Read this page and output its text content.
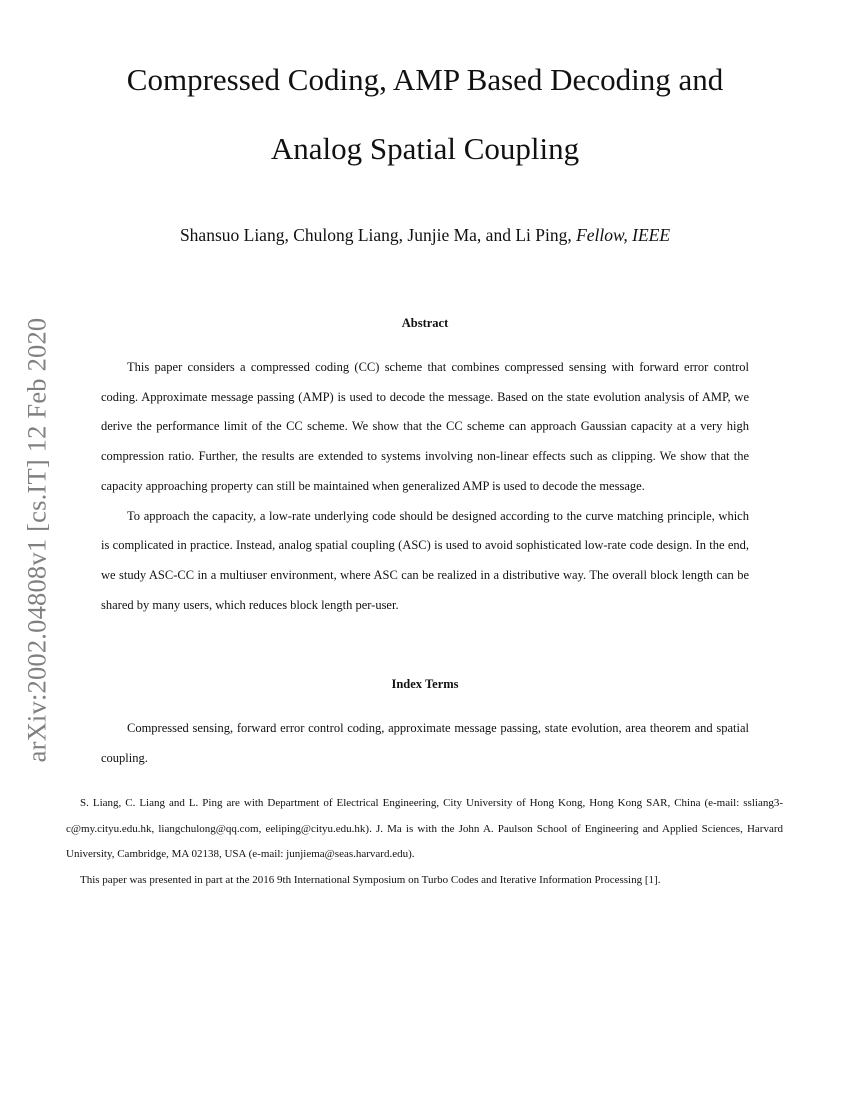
arXiv:2002.04808v1 [cs.IT] 12 Feb 2020
Compressed Coding, AMP Based Decoding and
Analog Spatial Coupling
Shansuo Liang, Chulong Liang, Junjie Ma, and Li Ping, Fellow, IEEE
Abstract

This paper considers a compressed coding (CC) scheme that combines compressed sensing with forward error control coding. Approximate message passing (AMP) is used to decode the message. Based on the state evolution analysis of AMP, we derive the performance limit of the CC scheme. We show that the CC scheme can approach Gaussian capacity at a very high compression ratio. Further, the results are extended to systems involving non-linear effects such as clipping. We show that the capacity approaching property can still be maintained when generalized AMP is used to decode the message.

To approach the capacity, a low-rate underlying code should be designed according to the curve matching principle, which is complicated in practice. Instead, analog spatial coupling (ASC) is used to avoid sophisticated low-rate code design. In the end, we study ASC-CC in a multiuser environment, where ASC can be realized in a distributive way. The overall block length can be shared by many users, which reduces block length per-user.

Index Terms

Compressed sensing, forward error control coding, approximate message passing, state evolution, area theorem and spatial coupling.

S. Liang, C. Liang and L. Ping are with Department of Electrical Engineering, City University of Hong Kong, Hong Kong SAR, China (e-mail: ssliang3-c@my.cityu.edu.hk, liangchulong@qq.com, eeliping@cityu.edu.hk). J. Ma is with the John A. Paulson School of Engineering and Applied Sciences, Harvard University, Cambridge, MA 02138, USA (e-mail: junjiema@seas.harvard.edu).

This paper was presented in part at the 2016 9th International Symposium on Turbo Codes and Iterative Information Processing [1].
